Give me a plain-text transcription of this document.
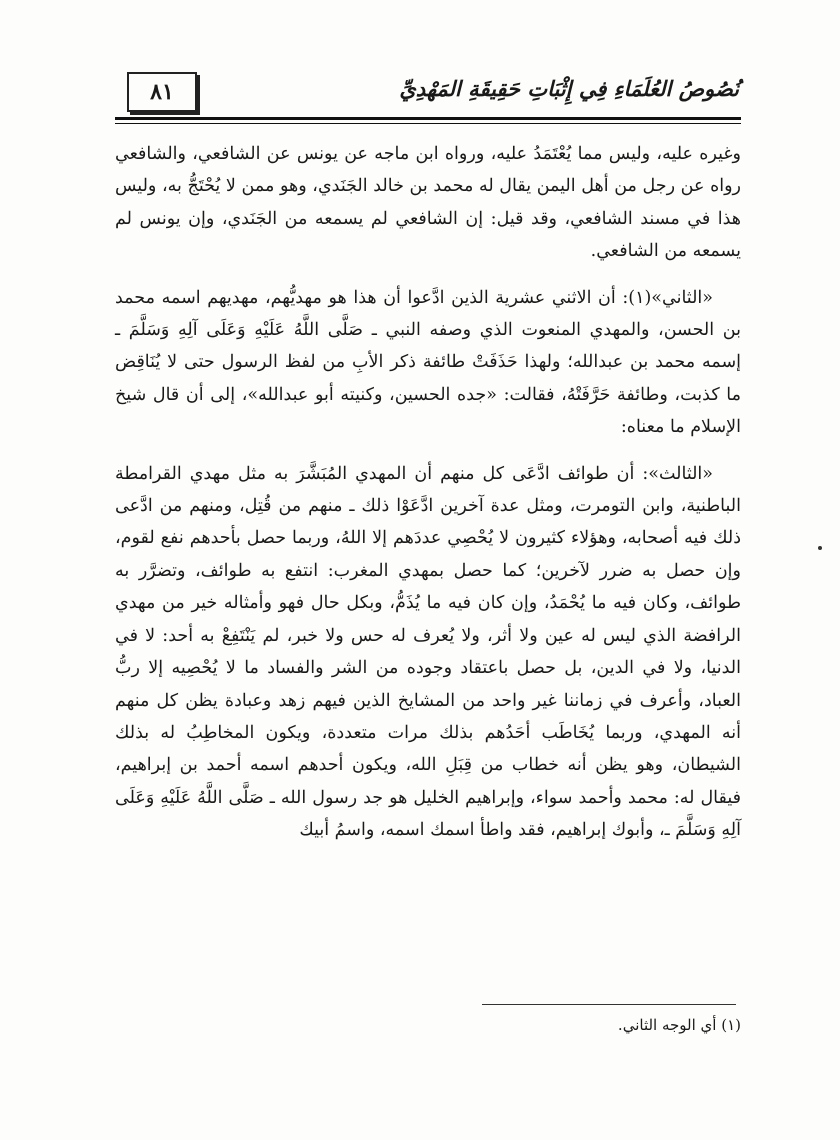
٨١	نُصُوصُ العُلَمَاءِ فِي إِثْبَاتِ حَقِيقَةِ المَهْدِيِّ

وغيره عليه، وليس مما يُعْتَمَدُ عليه، ورواه ابن ماجه عن يونس عن الشافعي، والشافعي رواه عن رجل من أهل اليمن يقال له محمد بن خالد الجَنَدي، وهو ممن لا يُحْتَجُّ به، وليس هذا في مسند الشافعي، وقد قيل: إن الشافعي لم يسمعه من الجَنَدي، وإن يونس لم يسمعه من الشافعي.

«الثاني»(١): أن الاثني عشرية الذين ادَّعوا أن هذا هو مهديُّهم، مهديهم اسمه محمد بن الحسن، والمهدي المنعوت الذي وصفه النبي ـ صَلَّى اللَّهُ عَلَيْهِ وَعَلَى آلِهِ وَسَلَّمَ ـ إسمه محمد بن عبدالله؛ ولهذا حَذَفَتْ طائفة ذكر الأبِ من لفظ الرسول حتى لا يُنَاقِض ما كذبت، وطائفة حَرَّفَتْهُ، فقالت: «جده الحسين، وكنيته أبو عبدالله»، إلى أن قال شيخ الإسلام ما معناه:

«الثالث»: أن طوائف ادَّعَى كل منهم أن المهدي المُبَشَّرَ به مثل مهدي القرامطة الباطنية، وابن التومرت، ومثل عدة آخرين ادَّعَوْا ذلك ـ منهم من قُتِل، ومنهم من ادَّعى ذلك فيه أصحابه، وهؤلاء كثيرون لا يُحْصِي عددَهم إلا اللهُ، وربما حصل بأحدهم نفع لقوم، وإن حصل به ضرر لآخرين؛ كما حصل بمهدي المغرب: انتفع به طوائف، وتضرَّر به طوائف، وكان فيه ما يُحْمَدُ، وإن كان فيه ما يُذَمُّ، وبكل حال فهو وأمثاله خير من مهدي الرافضة الذي ليس له عين ولا أثر، ولا يُعرف له حس ولا خبر، لم يَنْتَفِعْ به أحد: لا في الدنيا، ولا في الدين، بل حصل باعتقاد وجوده من الشر والفساد ما لا يُحْصِيه إلا ربُّ العباد، وأعرف في زماننا غير واحد من المشايخ الذين فيهم زهد وعبادة يظن كل منهم أنه المهدي، وربما يُخَاطَب أحَدُهم بذلك مرات متعددة، ويكون المخاطِبُ له بذلك الشيطان، وهو يظن أنه خطاب من قِبَلِ الله، ويكون أحدهم اسمه أحمد بن إبراهيم، فيقال له: محمد وأحمد سواء، وإبراهيم الخليل هو جد رسول الله ـ صَلَّى اللَّهُ عَلَيْهِ وَعَلَى آلِهِ وَسَلَّمَ ـ، وأبوك إبراهيم، فقد واطأ اسمك اسمه، واسمُ أبيك

(١) أي الوجه الثاني.
